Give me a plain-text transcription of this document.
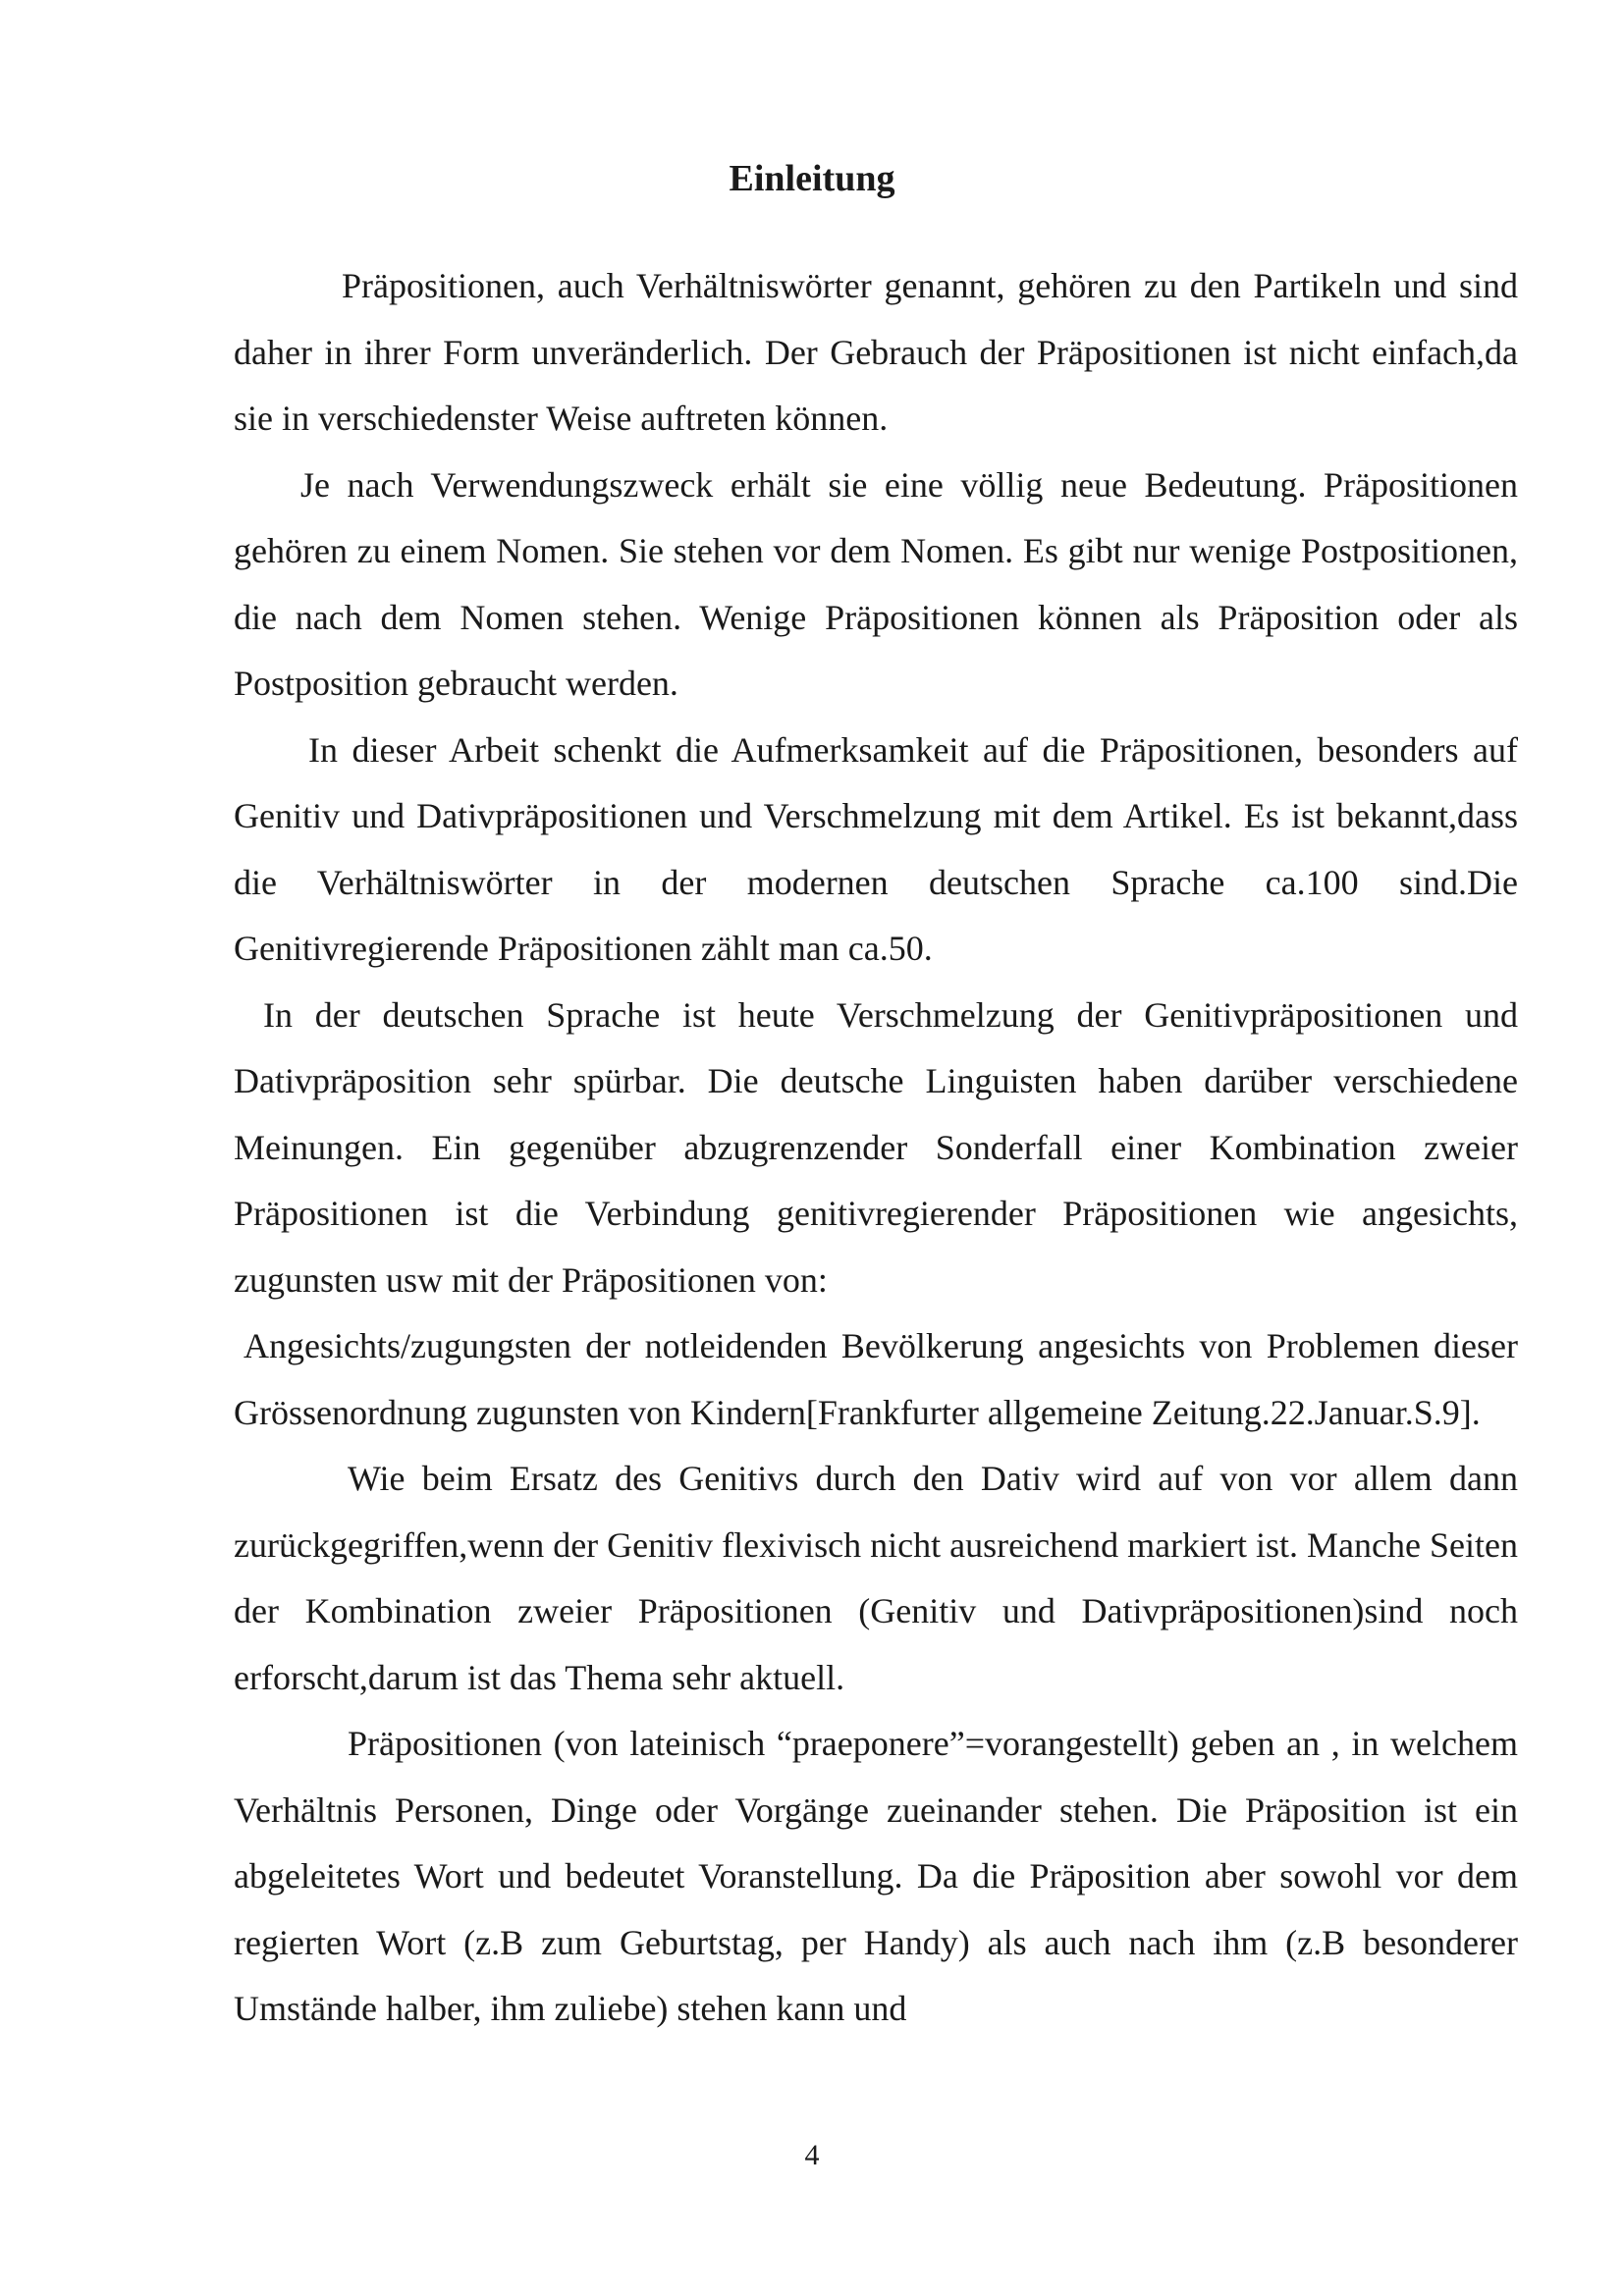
Einleitung

Präpositionen, auch Verhältniswörter genannt, gehören zu den Partikeln und sind daher in ihrer Form unveränderlich. Der Gebrauch der Präpositionen ist nicht einfach,da sie in verschiedenster Weise auftreten können.

Je nach Verwendungszweck erhält sie eine völlig neue Bedeutung. Präpositionen gehören zu einem Nomen. Sie stehen vor dem Nomen. Es gibt nur wenige Postpositionen, die nach dem Nomen stehen. Wenige Präpositionen können als Präposition oder als Postposition gebraucht werden.

In dieser Arbeit schenkt die Aufmerksamkeit auf die Präpositionen, besonders auf Genitiv und Dativpräpositionen und Verschmelzung mit dem Artikel. Es ist bekannt,dass die Verhältniswörter in der modernen deutschen Sprache ca.100 sind.Die Genitivregierende Präpositionen zählt man ca.50.

In der deutschen Sprache ist heute Verschmelzung der Genitivpräpositionen und Dativpräposition sehr spürbar. Die deutsche Linguisten haben darüber verschiedene Meinungen. Ein gegenüber abzugrenzender Sonderfall einer Kombination zweier Präpositionen ist die Verbindung genitivregierender Präpositionen wie angesichts, zugunsten usw mit der Präpositionen von:

Angesichts/zugungsten der notleidenden Bevölkerung angesichts von Problemen dieser Grössenordnung zugunsten von Kindern[Frankfurter allgemeine Zeitung.22.Januar.S.9].

Wie beim Ersatz des Genitivs durch den Dativ wird auf von vor allem dann zurückgegriffen,wenn der Genitiv flexivisch nicht ausreichend markiert ist. Manche Seiten der Kombination zweier Präpositionen (Genitiv und Dativpräpositionen)sind noch erforscht,darum ist das Thema sehr aktuell.

Präpositionen (von lateinisch “praeponere”=vorangestellt) geben an , in welchem Verhältnis Personen, Dinge oder Vorgänge zueinander stehen. Die Präposition ist ein abgeleitetes Wort und bedeutet Voranstellung. Da die Präposition aber sowohl vor dem regierten Wort (z.B zum Geburtstag, per Handy) als auch nach ihm (z.B besonderer Umstände halber, ihm zuliebe) stehen kann und

4
